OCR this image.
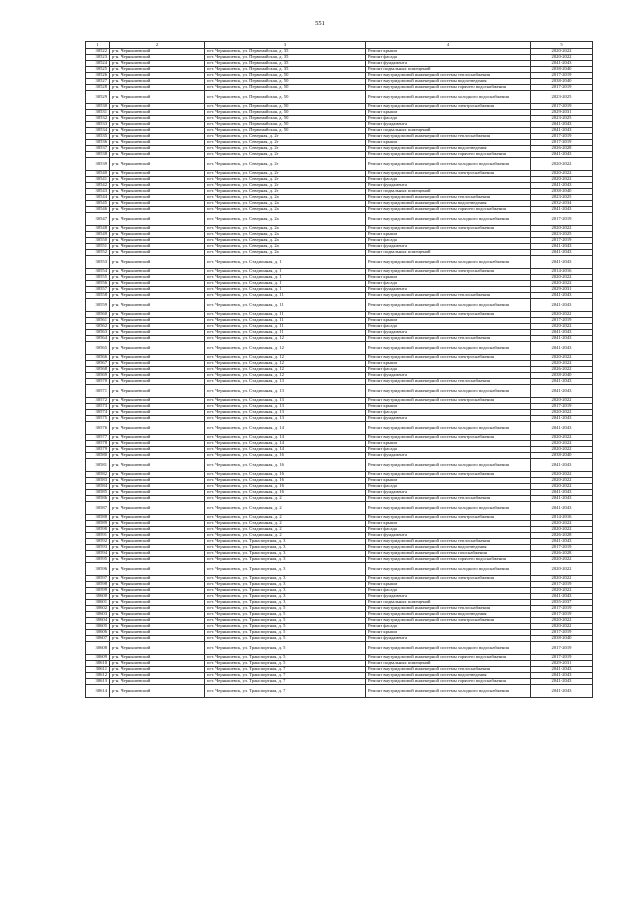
551
1	2	3	4	5
30522	р-н. Чернышевский	пгт. Чернышевск, ул. Первомайская, д. 35	Ремонт крыши	2020-2022
30523	р-н. Чернышевский	пгт. Чернышевск, ул. Первомайская, д. 35	Ремонт фасада	2020-2022
30524	р-н. Чернышевский	пгт. Чернышевск, ул. Первомайская, д. 35	Ремонт фундамента	2041-2043
30525	р-н. Чернышевский	пгт. Чернышевск, ул. Первомайская, д. 35	Ремонт подвальных помещений	2038-2040
30526	р-н. Чернышевский	пгт. Чернышевск, ул. Первомайская, д. 50	Ремонт внутридомовой инженерной системы теплоснабжения	2017-2019
30527	р-н. Чернышевский	пгт. Чернышевск, ул. Первомайская, д. 50	Ремонт внутридомовой инженерной системы водоотведения	2038-2040
30528	р-н. Чернышевский	пгт. Чернышевск, ул. Первомайская, д. 50	Ремонт внутридомовой инженерной системы горячего водоснабжения	2017-2019
30529	р-н. Чернышевский	пгт. Чернышевск, ул. Первомайская, д. 50	Ремонт внутридомовой инженерной системы холодного водоснабжения	2023-2025
30530	р-н. Чернышевский	пгт. Чернышевск, ул. Первомайская, д. 50	Ремонт внутридомовой инженерной системы электроснабжения	2017-2019
30531	р-н. Чернышевский	пгт. Чернышевск, ул. Первомайская, д. 50	Ремонт крыши	2029-2031
30532	р-н. Чернышевский	пгт. Чернышевск, ул. Первомайская, д. 50	Ремонт фасада	2023-2025
30533	р-н. Чернышевский	пгт. Чернышевск, ул. Первомайская, д. 50	Ремонт фундамента	2041-2043
30534	р-н. Чернышевский	пгт. Чернышевск, ул. Первомайская, д. 50	Ремонт подвальных помещений	2041-2043
30535	р-н. Чернышевский	пгт. Чернышевск, ул. Северная, д. 2г	Ремонт внутридомовой инженерной системы теплоснабжения	2017-2019
30536	р-н. Чернышевский	пгт. Чернышевск, ул. Северная, д. 2г	Ремонт крыши	2017-2019
30537	р-н. Чернышевский	пгт. Чернышевск, ул. Северная, д. 2г	Ремонт внутридомовой инженерной системы водоотведения	2026-2028
30538	р-н. Чернышевский	пгт. Чернышевск, ул. Северная, д. 2г	Ремонт внутридомовой инженерной системы горячего водоснабжения	2041-2043
30539	р-н. Чернышевский	пгт. Чернышевск, ул. Северная, д. 2г	Ремонт внутридомовой инженерной системы холодного водоснабжения	2020-2022
30540	р-н. Чернышевский	пгт. Чернышевск, ул. Северная, д. 2г	Ремонт внутридомовой инженерной системы электроснабжения	2020-2022
30541	р-н. Чернышевский	пгт. Чернышевск, ул. Северная, д. 2г	Ремонт фасада	2020-2022
30542	р-н. Чернышевский	пгт. Чернышевск, ул. Северная, д. 2г	Ремонт фундамента	2041-2043
30543	р-н. Чернышевский	пгт. Чернышевск, ул. Северная, д. 2г	Ремонт подвальных помещений	2038-2040
30544	р-н. Чернышевский	пгт. Чернышевск, ул. Северная, д. 2а	Ремонт внутридомовой инженерной системы теплоснабжения	2023-2025
30545	р-н. Чернышевский	пгт. Чернышевск, ул. Северная, д. 2а	Ремонт внутридомовой инженерной системы водоотведения	2032-2034
30546	р-н. Чернышевский	пгт. Чернышевск, ул. Северная, д. 2а	Ремонт внутридомовой инженерной системы горячего водоснабжения	2041-2043
30547	р-н. Чернышевский	пгт. Чернышевск, ул. Северная, д. 2а	Ремонт внутридомовой инженерной системы холодного водоснабжения	2017-2019
30548	р-н. Чернышевский	пгт. Чернышевск, ул. Северная, д. 2а	Ремонт внутридомовой инженерной системы электроснабжения	2020-2022
30549	р-н. Чернышевский	пгт. Чернышевск, ул. Северная, д. 2а	Ремонт крыши	2023-2025
30550	р-н. Чернышевский	пгт. Чернышевск, ул. Северная, д. 2а	Ремонт фасада	2017-2019
30551	р-н. Чернышевский	пгт. Чернышевск, ул. Северная, д. 2а	Ремонт фундамента	2041-2043
30552	р-н. Чернышевский	пгт. Чернышевск, ул. Северная, д. 2а	Ремонт подвальных помещений	2041-2043
30553	р-н. Чернышевский	пгт. Чернышевск, ул. Стадионная, д. 1	Ремонт внутридомовой инженерной системы холодного водоснабжения	2041-2043
30554	р-н. Чернышевский	пгт. Чернышевск, ул. Стадионная, д. 1	Ремонт внутридомовой инженерной системы электроснабжения	2014-2016
30555	р-н. Чернышевский	пгт. Чернышевск, ул. Стадионная, д. 1	Ремонт крыши	2020-2022
30556	р-н. Чернышевский	пгт. Чернышевск, ул. Стадионная, д. 1	Ремонт фасада	2020-2022
30557	р-н. Чернышевский	пгт. Чернышевск, ул. Стадионная, д. 1	Ремонт фундамента	2029-2031
30558	р-н. Чернышевский	пгт. Чернышевск, ул. Стадионная, д. 11	Ремонт внутридомовой инженерной системы теплоснабжения	2041-2043
30559	р-н. Чернышевский	пгт. Чернышевск, ул. Стадионная, д. 11	Ремонт внутридомовой инженерной системы холодного водоснабжения	2041-2043
30560	р-н. Чернышевский	пгт. Чернышевск, ул. Стадионная, д. 11	Ремонт внутридомовой инженерной системы электроснабжения	2020-2022
30561	р-н. Чернышевский	пгт. Чернышевск, ул. Стадионная, д. 11	Ремонт крыши	2017-2019
30562	р-н. Чернышевский	пгт. Чернышевск, ул. Стадионная, д. 11	Ремонт фасада	2020-2022
30563	р-н. Чернышевский	пгт. Чернышевск, ул. Стадионная, д. 11	Ремонт фундамента	2041-2043
30564	р-н. Чернышевский	пгт. Чернышевск, ул. Стадионная, д. 12	Ремонт внутридомовой инженерной системы теплоснабжения	2041-2043
30565	р-н. Чернышевский	пгт. Чернышевск, ул. Стадионная, д. 12	Ремонт внутридомовой инженерной системы холодного водоснабжения	2041-2043
30566	р-н. Чернышевский	пгт. Чернышевск, ул. Стадионная, д. 12	Ремонт внутридомовой инженерной системы электроснабжения	2020-2022
30567	р-н. Чернышевский	пгт. Чернышевск, ул. Стадионная, д. 12	Ремонт крыши	2020-2022
30568	р-н. Чернышевский	пгт. Чернышевск, ул. Стадионная, д. 12	Ремонт фасада	2026-2022
30569	р-н. Чернышевский	пгт. Чернышевск, ул. Стадионная, д. 12	Ремонт фундамента	2038-2040
30570	р-н. Чернышевский	пгт. Чернышевск, ул. Стадионная, д. 13	Ремонт внутридомовой инженерной системы теплоснабжения	2041-2043
30571	р-н. Чернышевский	пгт. Чернышевск, ул. Стадионная, д. 13	Ремонт внутридомовой инженерной системы холодного водоснабжения	2041-2043
30572	р-н. Чернышевский	пгт. Чернышевск, ул. Стадионная, д. 13	Ремонт внутридомовой инженерной системы электроснабжения	2020-2022
30573	р-н. Чернышевский	пгт. Чернышевск, ул. Стадионная, д. 13	Ремонт крыши	2017-2019
30574	р-н. Чернышевский	пгт. Чернышевск, ул. Стадионная, д. 13	Ремонт фасада	2020-2022
30575	р-н. Чернышевский	пгт. Чернышевск, ул. Стадионная, д. 13	Ремонт фундамента	2041-2043
30576	р-н. Чернышевский	пгт. Чернышевск, ул. Стадионная, д. 14	Ремонт внутридомовой инженерной системы холодного водоснабжения	2041-2043
30577	р-н. Чернышевский	пгт. Чернышевск, ул. Стадионная, д. 14	Ремонт внутридомовой инженерной системы электроснабжения	2020-2022
30578	р-н. Чернышевский	пгт. Чернышевск, ул. Стадионная, д. 14	Ремонт крыши	2020-2022
30579	р-н. Чернышевский	пгт. Чернышевск, ул. Стадионная, д. 14	Ремонт фасада	2020-2022
30580	р-н. Чернышевский	пгт. Чернышевск, ул. Стадионная, д. 16	Ремонт фундамента	2038-2040
30581	р-н. Чернышевский	пгт. Чернышевск, ул. Стадионная, д. 16	Ремонт внутридомовой инженерной системы холодного водоснабжения	2041-2043
30582	р-н. Чернышевский	пгт. Чернышевск, ул. Стадионная, д. 16	Ремонт внутридомовой инженерной системы электроснабжения	2020-2022
30583	р-н. Чернышевский	пгт. Чернышевск, ул. Стадионная, д. 16	Ремонт крыши	2020-2022
30584	р-н. Чернышевский	пгт. Чернышевск, ул. Стадионная, д. 16	Ремонт фасада	2020-2022
30585	р-н. Чернышевский	пгт. Чернышевск, ул. Стадионная, д. 16	Ремонт фундамента	2041-2043
30586	р-н. Чернышевский	пгт. Чернышевск, ул. Стадионная, д. 2	Ремонт внутридомовой инженерной системы теплоснабжения	2041-2043
30587	р-н. Чернышевский	пгт. Чернышевск, ул. Стадионная, д. 2	Ремонт внутридомовой инженерной системы холодного водоснабжения	2041-2043
30588	р-н. Чернышевский	пгт. Чернышевск, ул. Стадионная, д. 2	Ремонт внутридомовой инженерной системы электроснабжения	2014-2016
30589	р-н. Чернышевский	пгт. Чернышевск, ул. Стадионная, д. 2	Ремонт крыши	2020-2022
30590	р-н. Чернышевский	пгт. Чернышевск, ул. Стадионная, д. 2	Ремонт фасада	2020-2022
30591	р-н. Чернышевский	пгт. Чернышевск, ул. Стадионная, д. 2	Ремонт фундамента	2026-2028
30592	р-н. Чернышевский	пгт. Чернышевск, ул. Транспортная, д. 3	Ремонт внутридомовой инженерной системы теплоснабжения	2041-2043
30593	р-н. Чернышевский	пгт. Чернышевск, ул. Транспортная, д. 3	Ремонт внутридомовой инженерной системы водоотведения	2017-2019
30594	р-н. Чернышевский	пгт. Чернышевск, ул. Транспортная, д. 3	Ремонт внутридомовой инженерной системы газоснабжения	2026-2028
30595	р-н. Чернышевский	пгт. Чернышевск, ул. Транспортная, д. 3	Ремонт внутридомовой инженерной системы горячего водоснабжения	2020-2022
30596	р-н. Чернышевский	пгт. Чернышевск, ул. Транспортная, д. 3	Ремонт внутридомовой инженерной системы холодного водоснабжения	2020-2022
30597	р-н. Чернышевский	пгт. Чернышевск, ул. Транспортная, д. 3	Ремонт внутридомовой инженерной системы электроснабжения	2020-2022
30598	р-н. Чернышевский	пгт. Чернышевск, ул. Транспортная, д. 3	Ремонт крыши	2017-2019
30599	р-н. Чернышевский	пгт. Чернышевск, ул. Транспортная, д. 3	Ремонт фасада	2020-2022
30600	р-н. Чернышевский	пгт. Чернышевск, ул. Транспортная, д. 3	Ремонт фундамента	2041-2043
30601	р-н. Чернышевский	пгт. Чернышевск, ул. Транспортная, д. 3	Ремонт подвальных помещений	2035-2037
30602	р-н. Чернышевский	пгт. Чернышевск, ул. Транспортная, д. 5	Ремонт внутридомовой инженерной системы теплоснабжения	2017-2019
30603	р-н. Чернышевский	пгт. Чернышевск, ул. Транспортная, д. 5	Ремонт внутридомовой инженерной системы водоотведения	2017-2019
30604	р-н. Чернышевский	пгт. Чернышевск, ул. Транспортная, д. 5	Ремонт внутридомовой инженерной системы электроснабжения	2020-2022
30605	р-н. Чернышевский	пгт. Чернышевск, ул. Транспортная, д. 5	Ремонт фасада	2020-2022
30606	р-н. Чернышевский	пгт. Чернышевск, ул. Транспортная, д. 5	Ремонт крыши	2017-2019
30607	р-н. Чернышевский	пгт. Чернышевск, ул. Транспортная, д. 5	Ремонт фундамента	2038-2040
30608	р-н. Чернышевский	пгт. Чернышевск, ул. Транспортная, д. 5	Ремонт внутридомовой инженерной системы холодного водоснабжения	2017-2019
30609	р-н. Чернышевский	пгт. Чернышевск, ул. Транспортная, д. 5	Ремонт внутридомовой инженерной системы горячего водоснабжения	2017-2019
30610	р-н. Чернышевский	пгт. Чернышевск, ул. Транспортная, д. 5	Ремонт подвальных помещений	2029-2031
30611	р-н. Чернышевский	пгт. Чернышевск, ул. Транспортная, д. 7	Ремонт внутридомовой инженерной системы теплоснабжения	2041-2043
30612	р-н. Чернышевский	пгт. Чернышевск, ул. Транспортная, д. 7	Ремонт внутридомовой инженерной системы водоотведения	2041-2043
30613	р-н. Чернышевский	пгт. Чернышевск, ул. Транспортная, д. 7	Ремонт внутридомовой инженерной системы горячего водоснабжения	2041-2043
30614	р-н. Чернышевский	пгт. Чернышевск, ул. Транспортная, д. 7	Ремонт внутридомовой инженерной системы холодного водоснабжения	2041-2043
